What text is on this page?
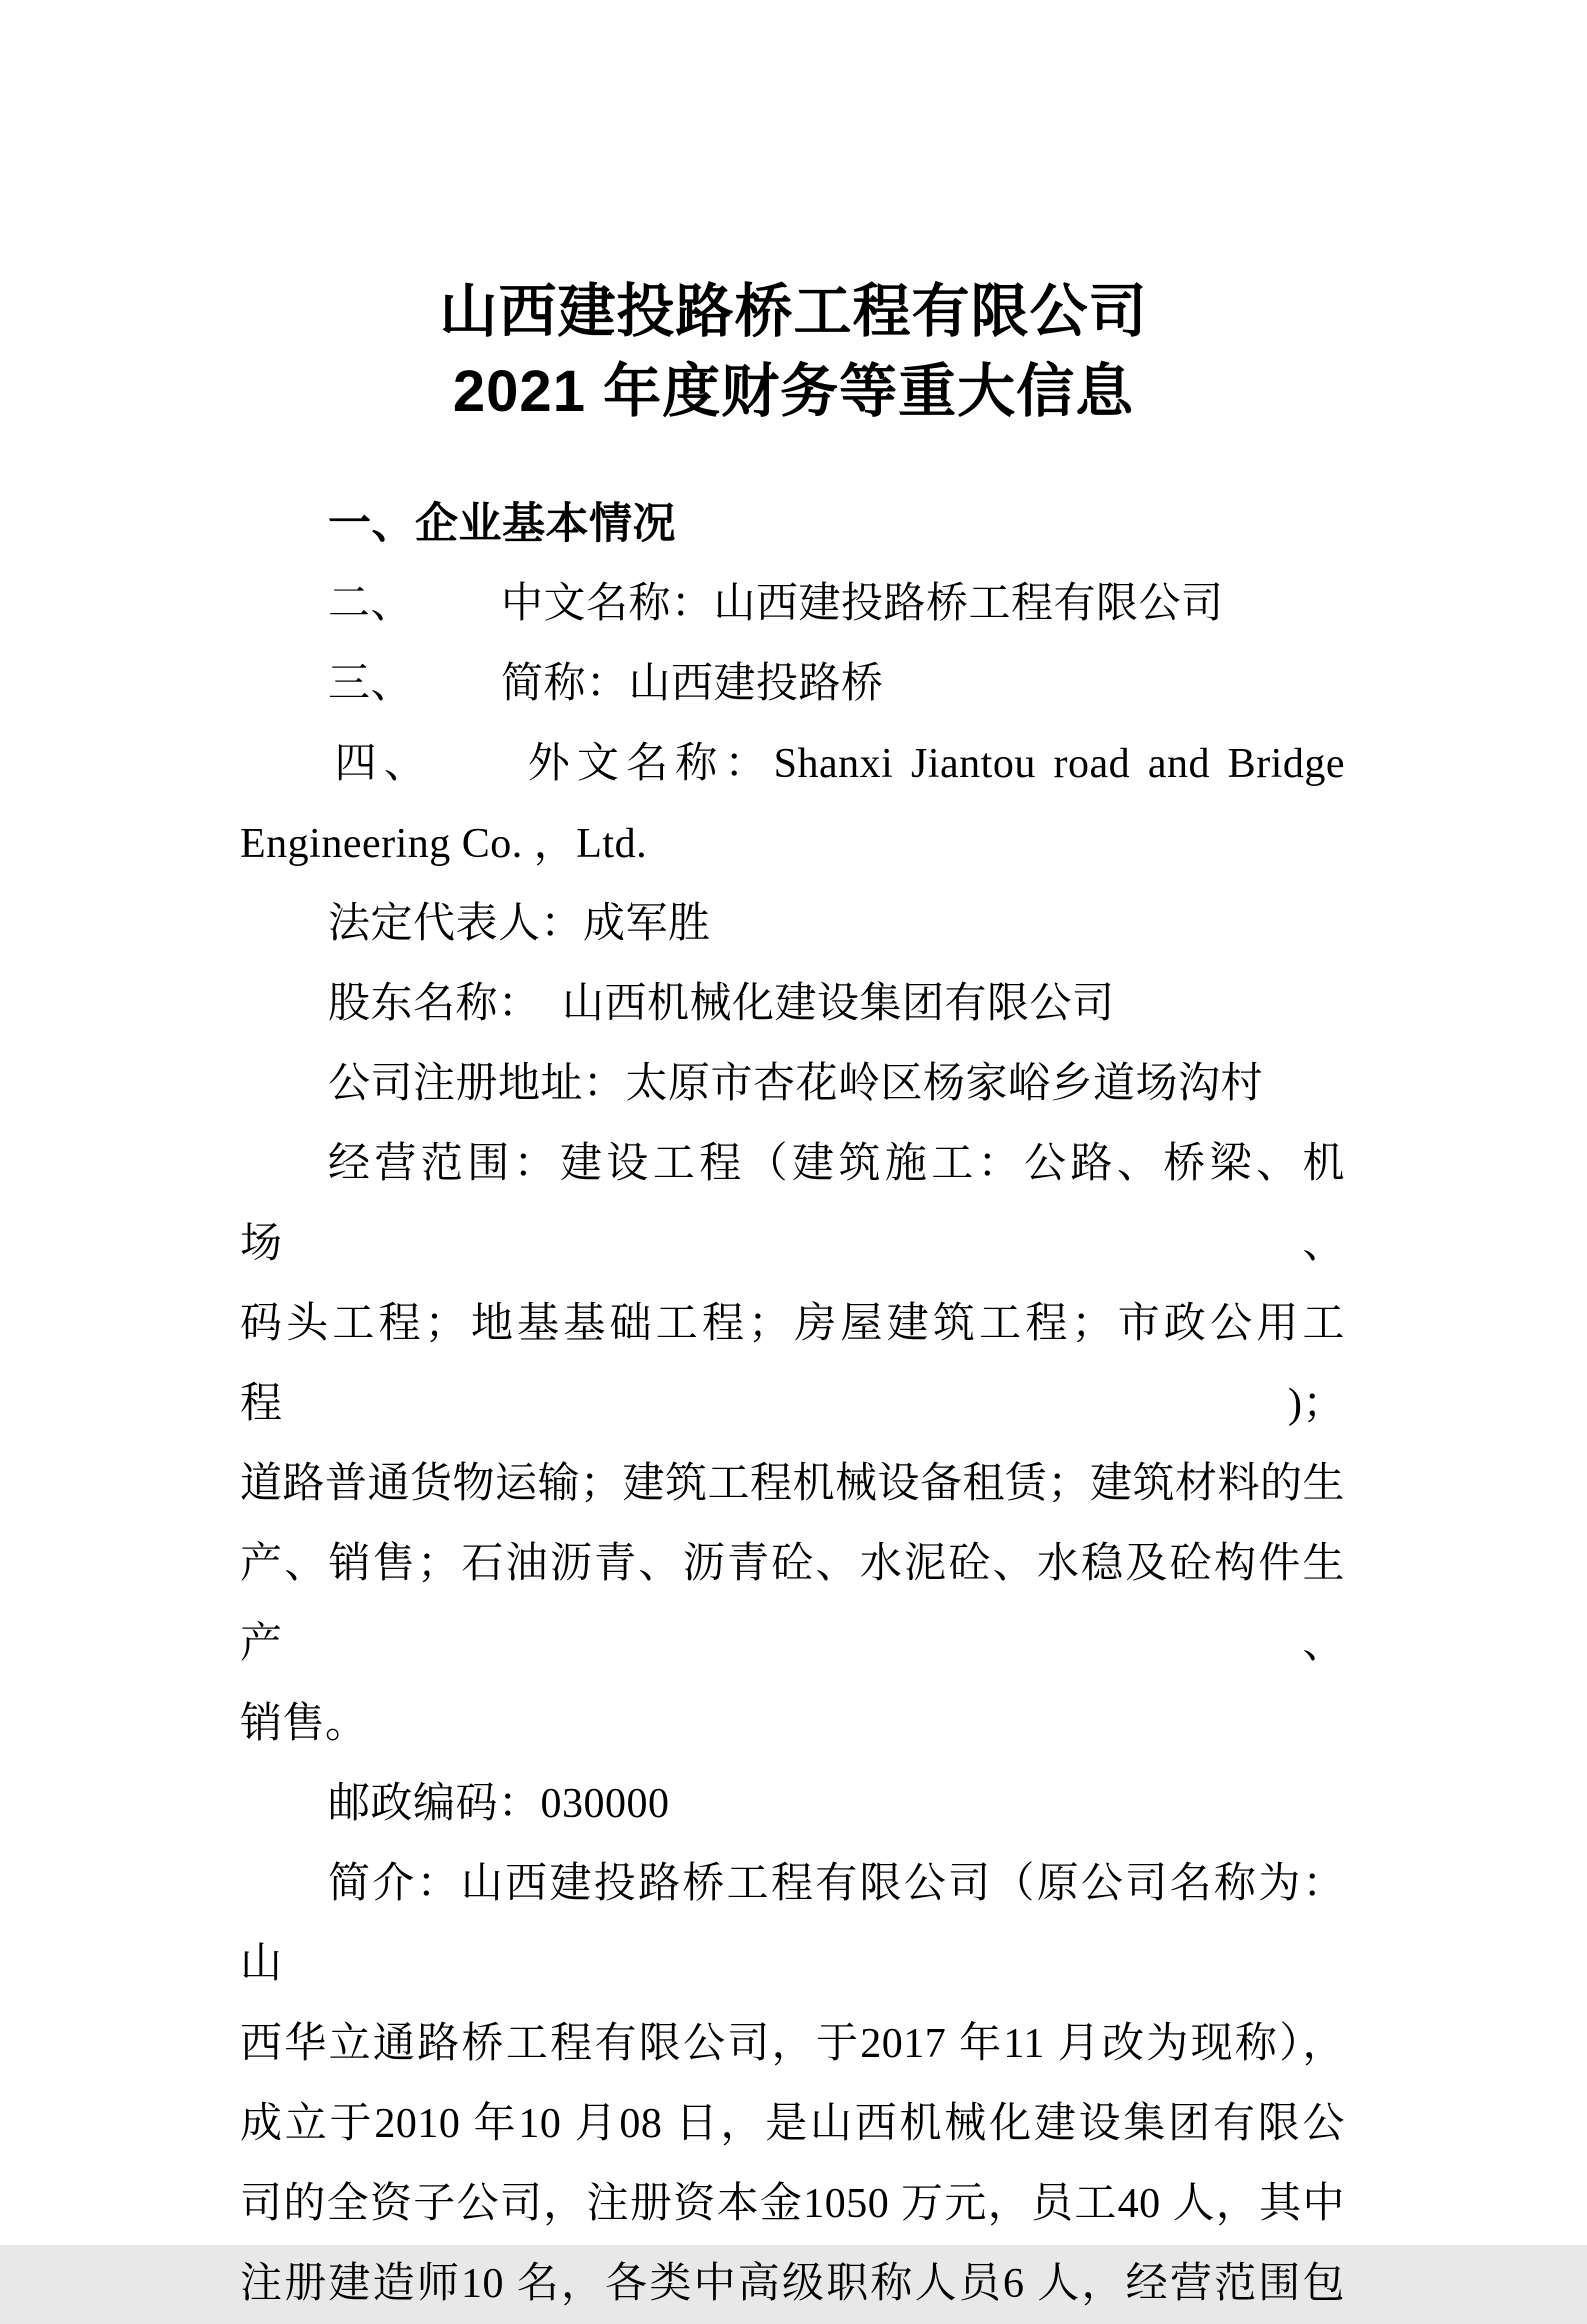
山西建投路桥工程有限公司
2021 年度财务等重大信息
一、企业基本情况
二、 中文名称：山西建投路桥工程有限公司
三、 简称：山西建投路桥
四、 外文名称：Shanxi Jiantou road and Bridge
Engineering Co. ，Ltd.
法定代表人：成军胜
股东名称：　山西机械化建设集团有限公司
公司注册地址：太原市杏花岭区杨家峪乡道场沟村
经营范围：建设工程（建筑施工：公路、桥梁、机场、
码头工程；地基基础工程；房屋建筑工程；市政公用工程)；
道路普通货物运输；建筑工程机械设备租赁；建筑材料的生
产、销售；石油沥青、沥青砼、水泥砼、水稳及砼构件生产、
销售。
邮政编码：030000
简介：山西建投路桥工程有限公司（原公司名称为：山
西华立通路桥工程有限公司，于2017 年11 月改为现称），
成立于2010 年10 月08 日，是山西机械化建设集团有限公
司的全资子公司，注册资本金1050 万元，员工40 人，其中
注册建造师10 名，各类中高级职称人员6 人，经营范围包
